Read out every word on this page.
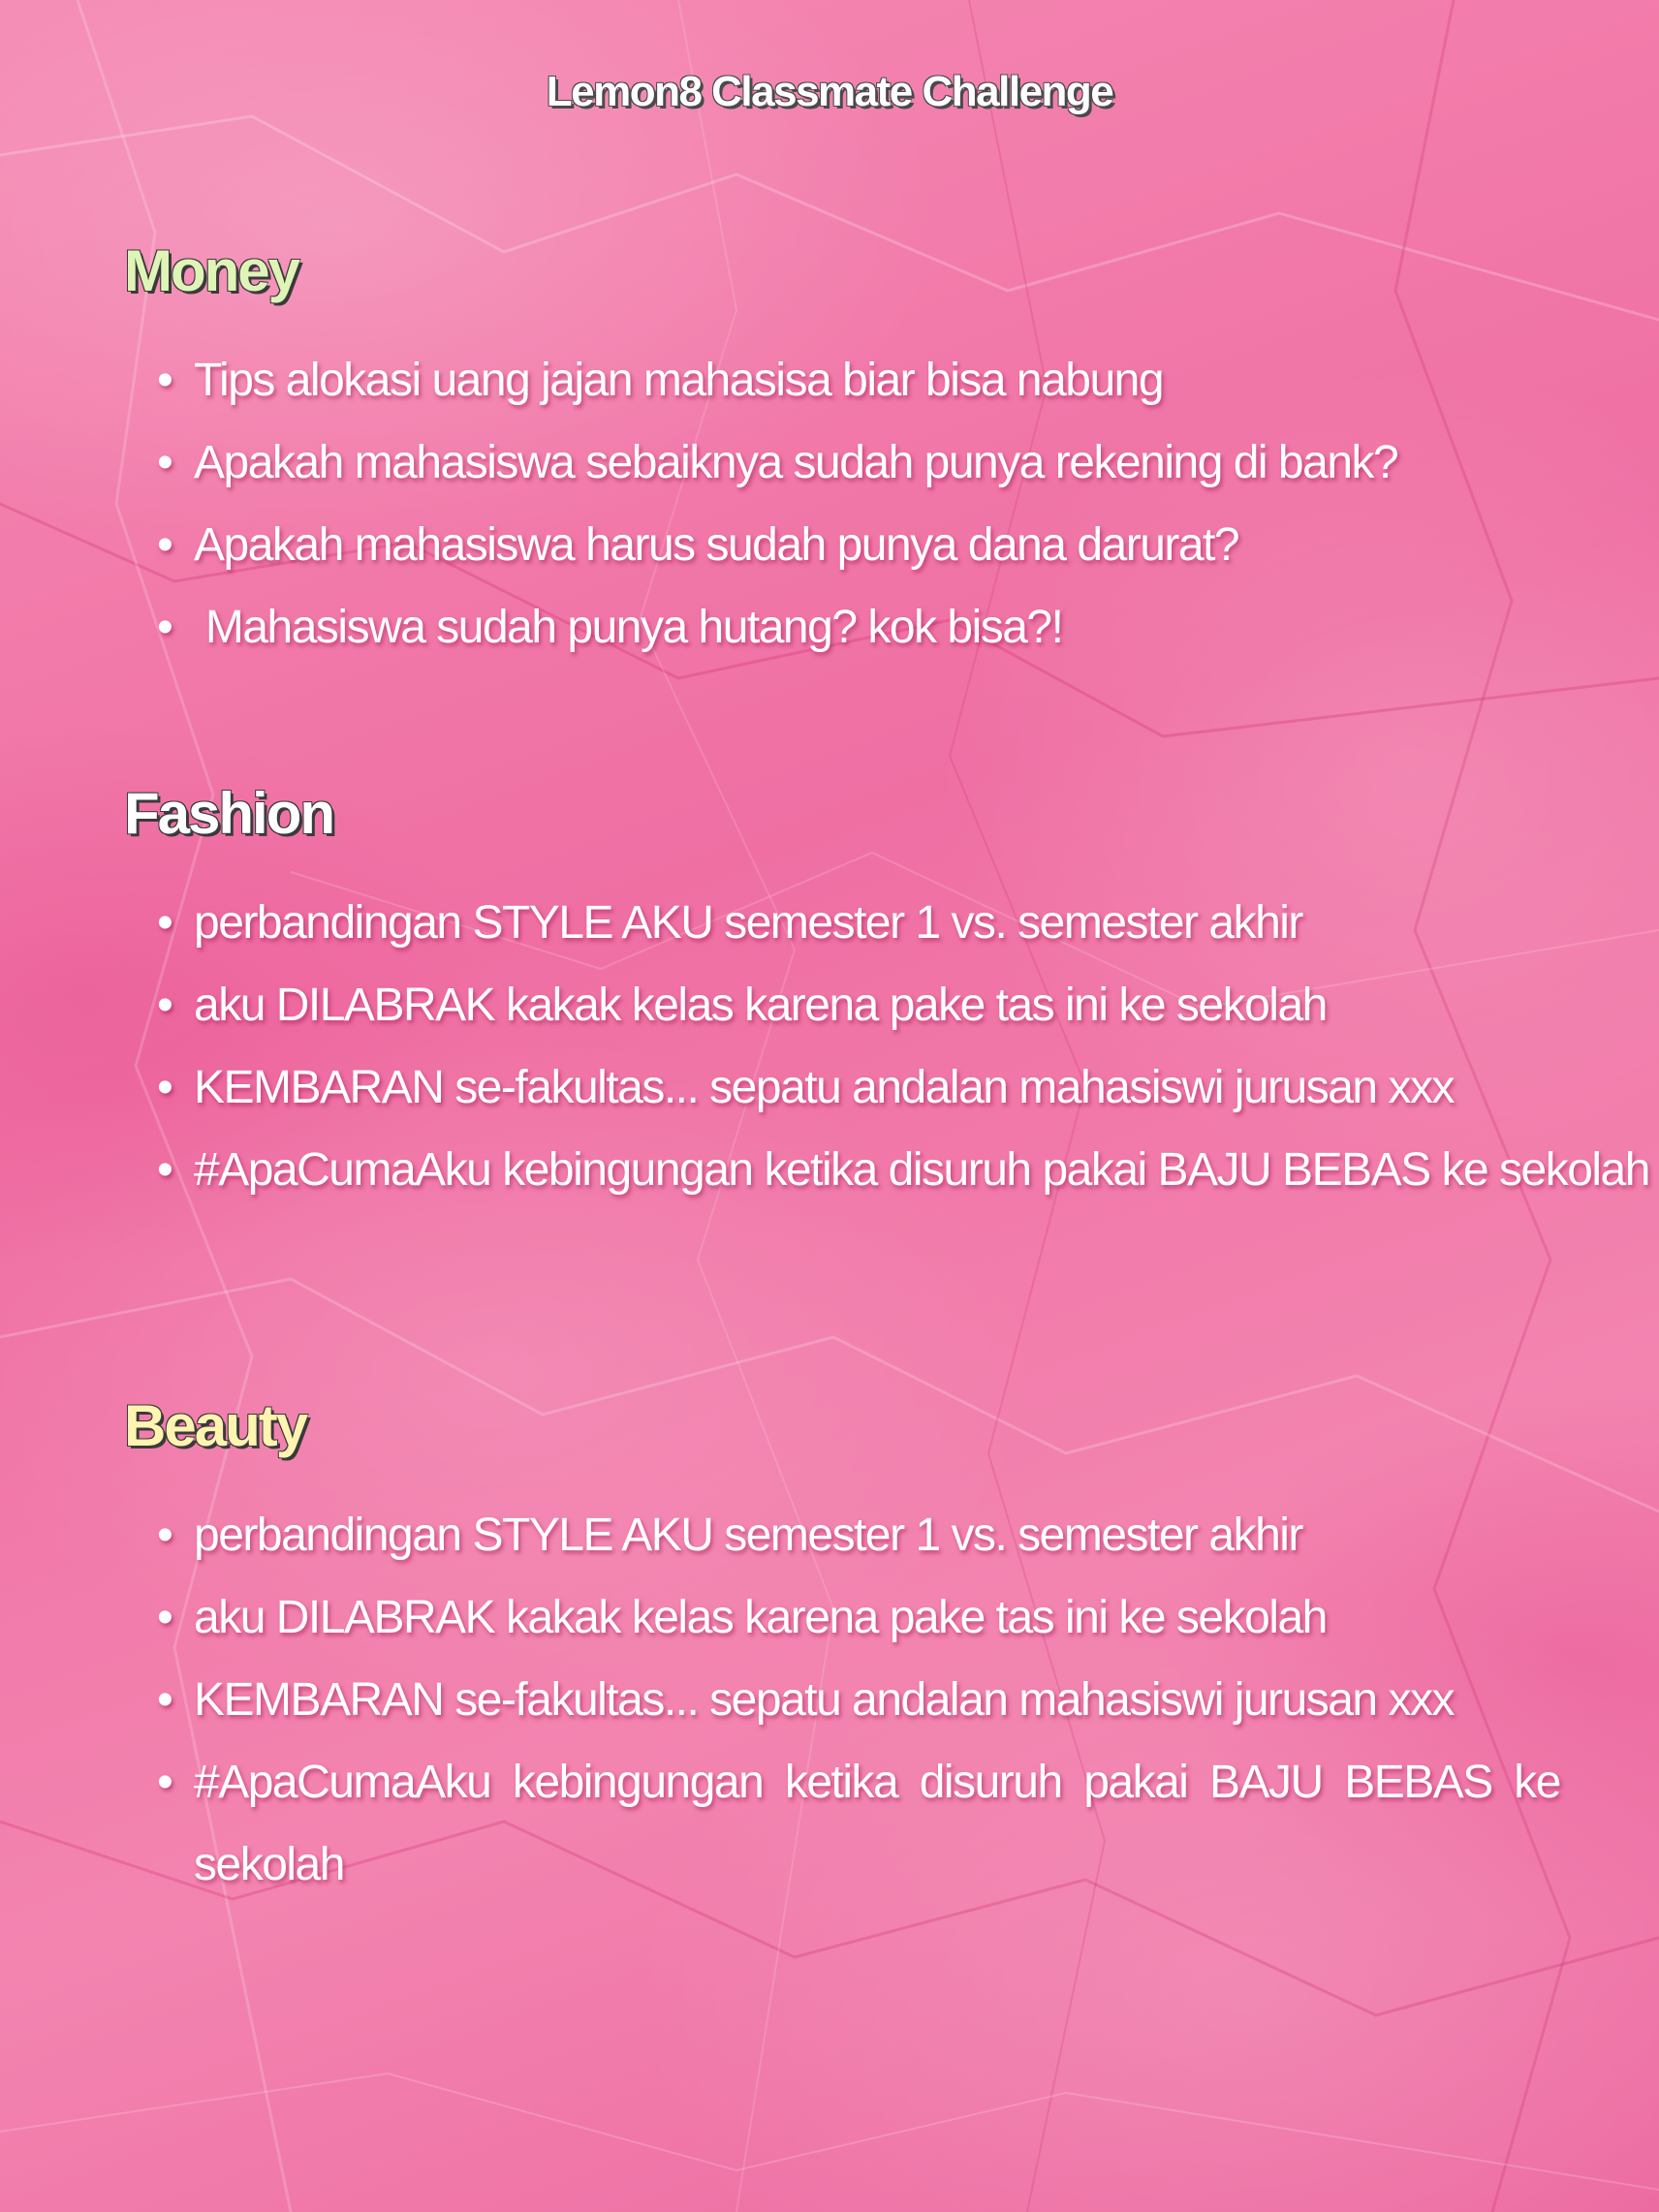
Lemon8 Classmate Challenge
Money
• Tips alokasi uang jajan mahasisa biar bisa nabung
• Apakah mahasiswa sebaiknya sudah punya rekening di bank?
• Apakah mahasiswa harus sudah punya dana darurat?
• Mahasiswa sudah punya hutang? kok bisa?!
Fashion
• perbandingan STYLE AKU semester 1 vs. semester akhir
• aku DILABRAK kakak kelas karena pake tas ini ke sekolah
• KEMBARAN se-fakultas... sepatu andalan mahasiswi jurusan xxx
• #ApaCumaAku kebingungan ketika disuruh pakai BAJU BEBAS ke sekolah
Beauty
• perbandingan STYLE AKU semester 1 vs. semester akhir
• aku DILABRAK kakak kelas karena pake tas ini ke sekolah
• KEMBARAN se-fakultas... sepatu andalan mahasiswi jurusan xxx
• #ApaCumaAku kebingungan ketika disuruh pakai BAJU BEBAS ke sekolah
